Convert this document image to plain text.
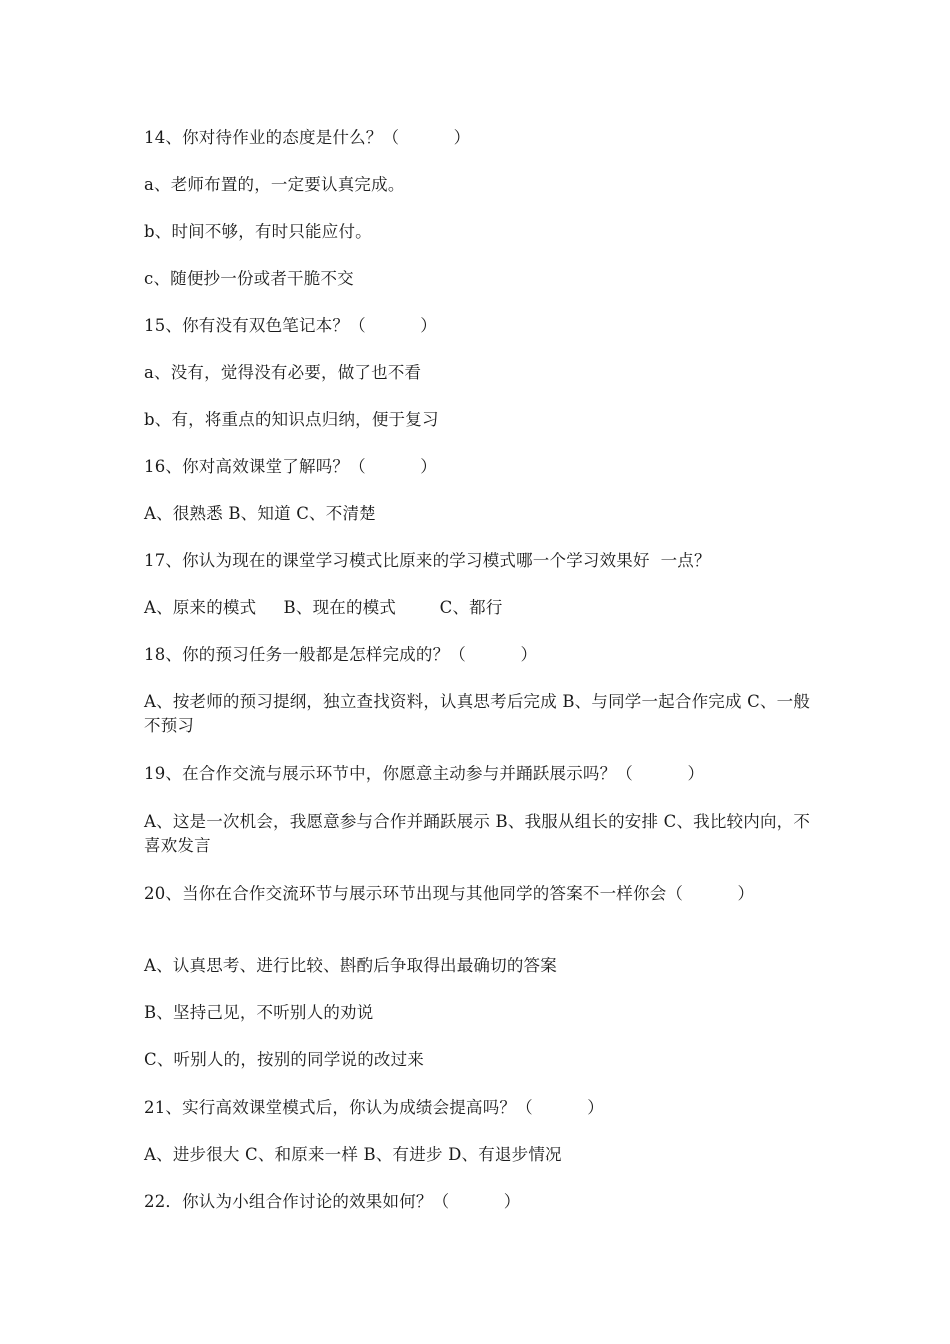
14、你对待作业的态度是什么？（          ）

a、老师布置的，一定要认真完成。

b、时间不够，有时只能应付。

c、随便抄一份或者干脆不交

15、你有没有双色笔记本？（          ）

a、没有，觉得没有必要，做了也不看

b、有，将重点的知识点归纳，便于复习

16、你对高效课堂了解吗？（          ）

A、很熟悉 B、知道 C、不清楚

17、你认为现在的课堂学习模式比原来的学习模式哪一个学习效果好  一点？

A、原来的模式     B、现在的模式        C、都行

18、你的预习任务一般都是怎样完成的？（          ）

A、按老师的预习提纲，独立查找资料，认真思考后完成 B、与同学一起合作完成 C、一般不预习

19、在合作交流与展示环节中，你愿意主动参与并踊跃展示吗？（          ）

A、这是一次机会，我愿意参与合作并踊跃展示 B、我服从组长的安排 C、我比较内向，不喜欢发言

20、当你在合作交流环节与展示环节出现与其他同学的答案不一样你会（          ）

A、认真思考、进行比较、斟酌后争取得出最确切的答案

B、坚持己见，不听别人的劝说

C、听别人的，按别的同学说的改过来

21、实行高效课堂模式后，你认为成绩会提高吗？（          ）

A、进步很大 C、和原来一样 B、有进步 D、有退步情况

22．你认为小组合作讨论的效果如何？（          ）
